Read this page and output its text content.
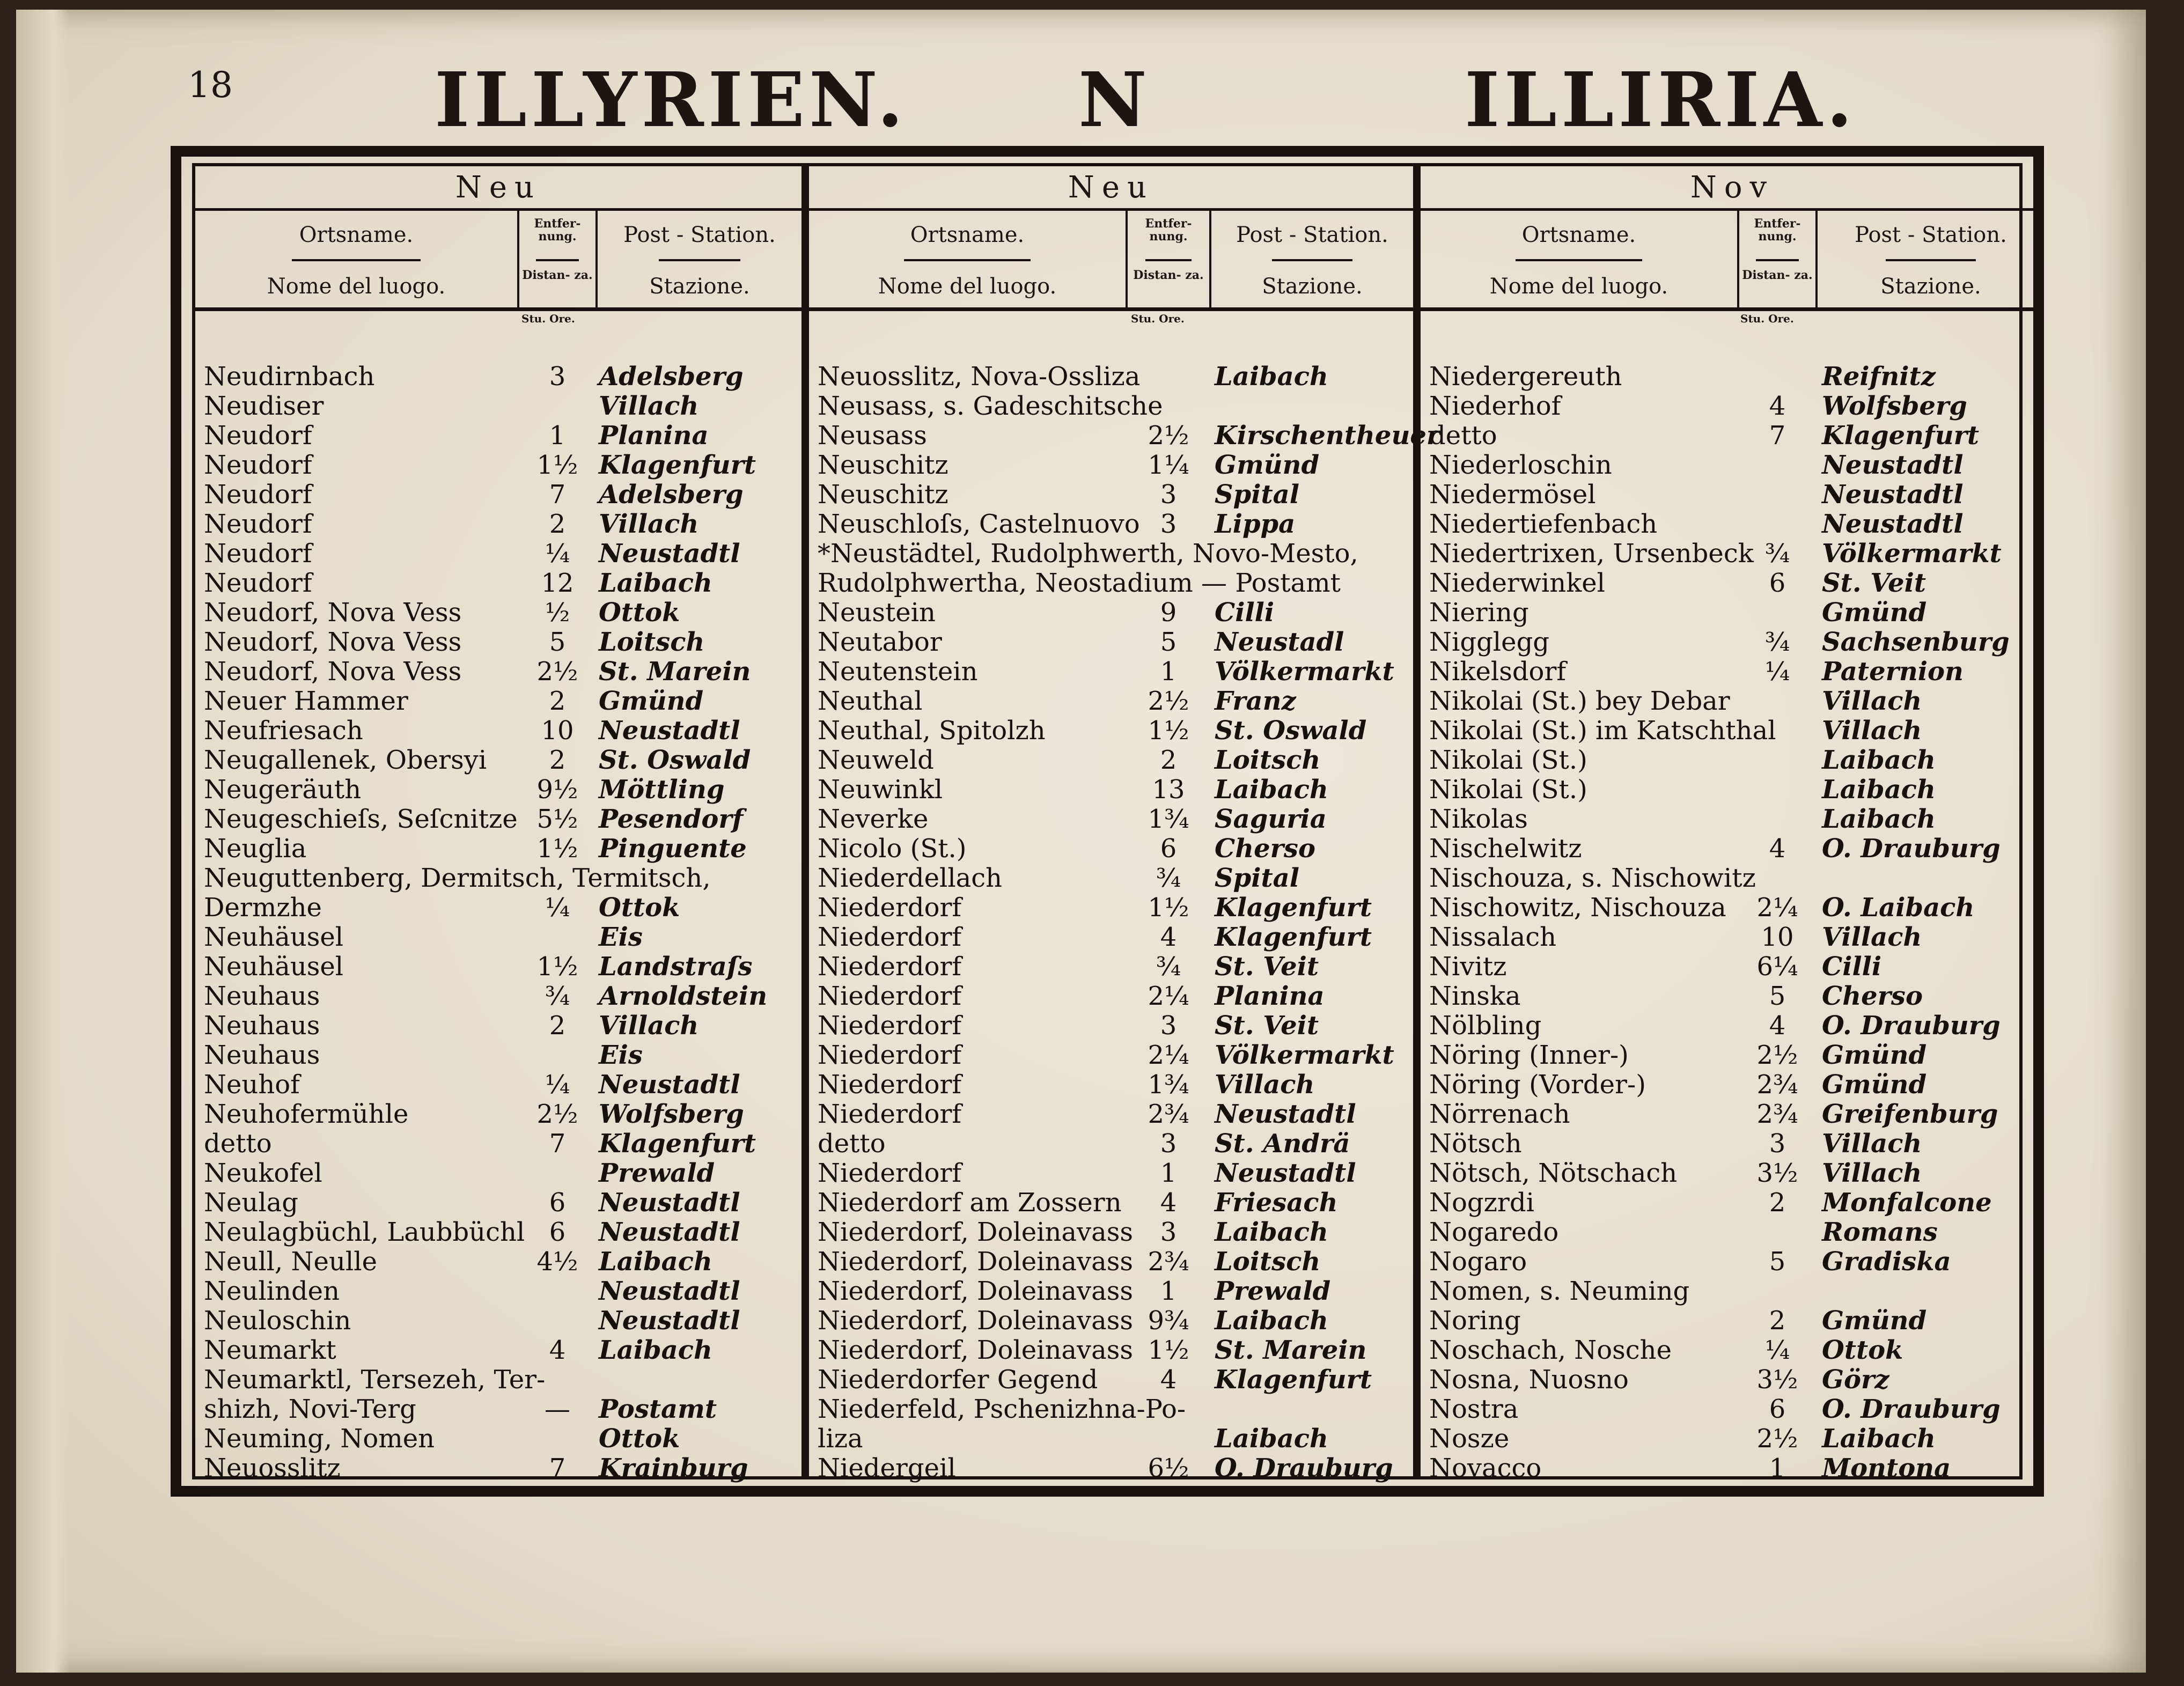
18	ILLYRIEN. N	ILLIRIA.
Neu
Ortsname.
Nome del luogo.
Entfer- nung.
Distan- za.
Post - Station.
Stazione.
Stu. Ore.
Neudirnbach	3	Adelsberg
Neudiser	Villach
Neudorf	1	Planina
Neudorf	1½ Klagenfurt
Neudorf	7	Adelsberg
Neudorf	2	Villach
Neudorf	¼	Neustadtl
Neudorf	12 Laibach
Neudorf, Nova Vess	½	Ottok
Neudorf, Nova Vess	5	Loitsch
Neudorf, Nova Vess	2½ St. Marein
Neuer Hammer	2	Gmünd
Neufriesach	10 Neustadtl
Neugallenek, Obersyi	2	St. Oswald
Neugeräuth	9½ Möttling
Neugeschieſs, Seſcnitze 5½ Pesendorf
Neuglia	1½ Pinguente
Neuguttenberg, Dermitsch, Termitsch,
Dermzhe	¼	Ottok
Neuhäusel	Eis
Neuhäusel	1½ Landstraſs
Neuhaus	¾	Arnoldstein
Neuhaus	2	Villach
Neuhaus	Eis
Neuhof	¼	Neustadtl
Neuhofermühle	2½ Wolfsberg
detto	7	Klagenfurt
Neukofel	Prewald
Neulag	6	Neustadtl
Neulagbüchl, Laubbüchl 6	Neustadtl
Neull, Neulle	4½ Laibach
Neulinden	Neustadtl
Neuloschin	Neustadtl
Neumarkt	4	Laibach
Neumarktl, Tersezeh, Ter-
shizh, Novi-Terg	—	Postamt
Neuming, Nomen	Ottok
Neuosslitz	7	Krainburg
Neu
Ortsname.
Nome del luogo.
Entfer- nung.
Distan- za.
Post - Station.
Stazione.
Stu. Ore.
Neuosslitz, Nova-Ossliza	Laibach
Neusass, s. Gadeschitsche
Neusass	2½ Kirschentheuer
Neuschitz	1¼ Gmünd
Neuschitz	3	Spital
Neuschloſs, Castelnuovo 3	Lippa
*Neustädtel, Rudolphwerth, Novo-Mesto,
Rudolphwertha, Neostadium — Postamt
Neustein	9	Cilli
Neutabor	5	Neustadl
Neutenstein	1	Völkermarkt
Neuthal	2½ Franz
Neuthal, Spitolzh	1½ St. Oswald
Neuweld	2	Loitsch
Neuwinkl	13	Laibach
Neverke	1¾ Saguria
Nicolo (St.)	6	Cherso
Niederdellach	¾	Spital
Niederdorf	1½ Klagenfurt
Niederdorf	4	Klagenfurt
Niederdorf	¾	St. Veit
Niederdorf	2¼ Planina
Niederdorf	3	St. Veit
Niederdorf	2¼ Völkermarkt
Niederdorf	1¾ Villach
Niederdorf	2¾ Neustadtl
detto	3	St. Andrä
Niederdorf	1	Neustadtl
Niederdorf am Zossern	4	Friesach
Niederdorf, Doleinavass	3	Laibach
Niederdorf, Doleinavass 2¾ Loitsch
Niederdorf, Doleinavass	1	Prewald
Niederdorf, Doleinavass 9¾ Laibach
Niederdorf, Doleinavass 1½ St. Marein
Niederdorfer Gegend	4	Klagenfurt
Niederfeld, Pschenizhna-Po-
liza	Laibach
Niedergeil	6½ O. Drauburg
Nov
Ortsname.
Nome del luogo.
Entfer- nung.
Distan- za.
Post - Station.
Stazione.
Stu. Ore.
Niedergereuth	Reifnitz
Niederhof	4	Wolfsberg
detto	7	Klagenfurt
Niederloschin	Neustadtl
Niedermösel	Neustadtl
Niedertiefenbach	Neustadtl
Niedertrixen, Ursenbeck ¾	Völkermarkt
Niederwinkel	6	St. Veit
Niering	Gmünd
Nigglegg	¾	Sachsenburg
Nikelsdorf	¼	Paternion
Nikolai (St.) bey Debar	Villach
Nikolai (St.) im Katschthal Villach
Nikolai (St.)	Laibach
Nikolai (St.)	Laibach
Nikolas	Laibach
Nischelwitz	4	O. Drauburg
Nischouza, s. Nischowitz
Nischowitz, Nischouza	2¼ O. Laibach
Nissalach	10	Villach
Nivitz	6¼ Cilli
Ninska	5	Cherso
Nölbling	4	O. Drauburg
Nöring (Inner-)	2½ Gmünd
Nöring (Vorder-)	2¾ Gmünd
Nörrenach	2¾ Greifenburg
Nötsch	3	Villach
Nötsch, Nötschach	3½ Villach
Nogzrdi	2	Monfalcone
Nogaredo	Romans
Nogaro	5	Gradiska
Nomen, s. Neuming
Noring	2	Gmünd
Noschach, Nosche	¼	Ottok
Nosna, Nuosno	3½ Görz
Nostra	6	O. Drauburg
Nosze	2½ Laibach
Novacco	1	Montona
